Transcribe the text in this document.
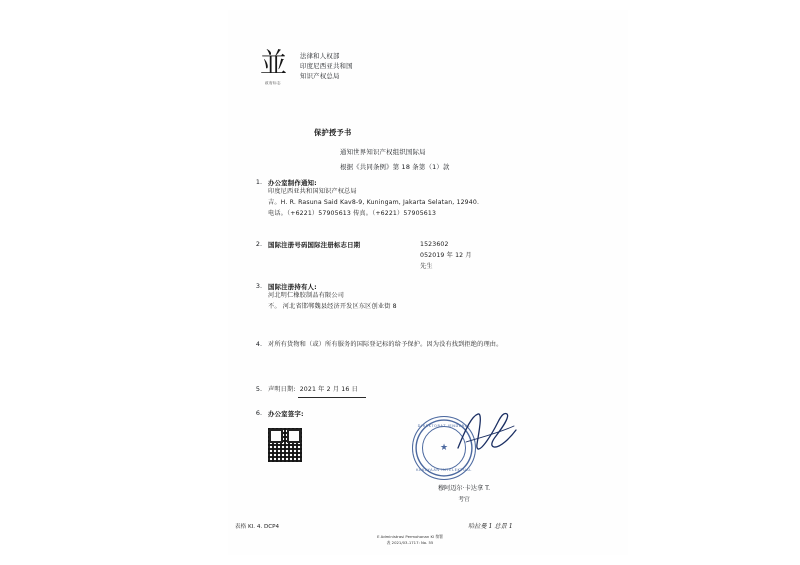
並
政府标志
法律和人权部
印度尼西亚共和国
知识产权总局
保护授予书
通知世界知识产权组织国际局
根据《共同条例》第 18 条第（1）款
1. 办公室制作通知:
印度尼西亚共和国知识产权总局
吉。H. R. Rasuna Said Kav8-9, Kuningam, Jakarta Selatan, 12940.
电话。（+6221）57905613 传真。（+6221）57905613
2. 国际注册号码国际注册标志日期	1523602
052019 年 12 月
先生
3. 国际注册持有人:
河北明仁橡胶制品有限公司
不。 河北省邯郸魏县经济开发区东区创业街 8
4. 对所有货物和（或）所有服务的国际登记标的给予保护。因为没有找到拒绝的理由。
5. 声明日期: 2021 年 2 月 16 日
6. 办公室签字:
DIREKTORAT JENDERAL
★
KEKAYAAN INTELEKTUAL
穆阿迈尔·卡达拿 T.
考官
表格 KI. 4. DCP4	哈拉曼 1 总景 1
E Administrasi Permohonan KI 黎署
表 2021/03-1717: No. 55
